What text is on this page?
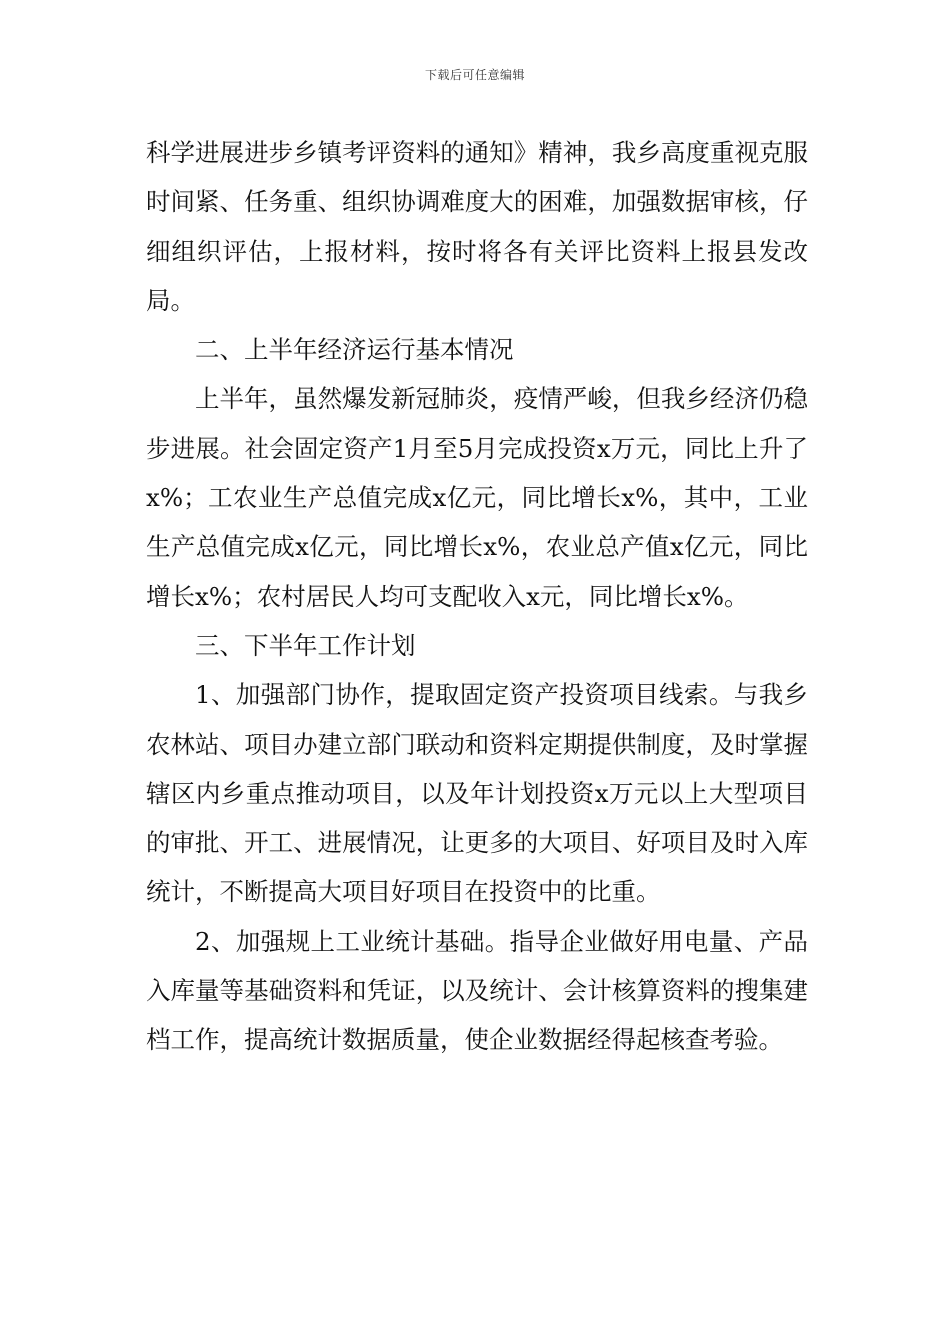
下载后可任意编辑

科学进展进步乡镇考评资料的通知》精神，我乡高度重视克服时间紧、任务重、组织协调难度大的困难，加强数据审核，仔细组织评估，上报材料，按时将各有关评比资料上报县发改局。

二、上半年经济运行基本情况

上半年，虽然爆发新冠肺炎，疫情严峻，但我乡经济仍稳步进展。社会固定资产1月至5月完成投资x万元，同比上升了x%；工农业生产总值完成x亿元，同比增长x%，其中，工业生产总值完成x亿元，同比增长x%，农业总产值x亿元，同比增长x%；农村居民人均可支配收入x元，同比增长x%。

三、下半年工作计划

1、加强部门协作，提取固定资产投资项目线索。与我乡农林站、项目办建立部门联动和资料定期提供制度，及时掌握辖区内乡重点推动项目，以及年计划投资x万元以上大型项目的审批、开工、进展情况，让更多的大项目、好项目及时入库统计，不断提高大项目好项目在投资中的比重。

2、加强规上工业统计基础。指导企业做好用电量、产品入库量等基础资料和凭证，以及统计、会计核算资料的搜集建档工作，提高统计数据质量，使企业数据经得起核查考验。
